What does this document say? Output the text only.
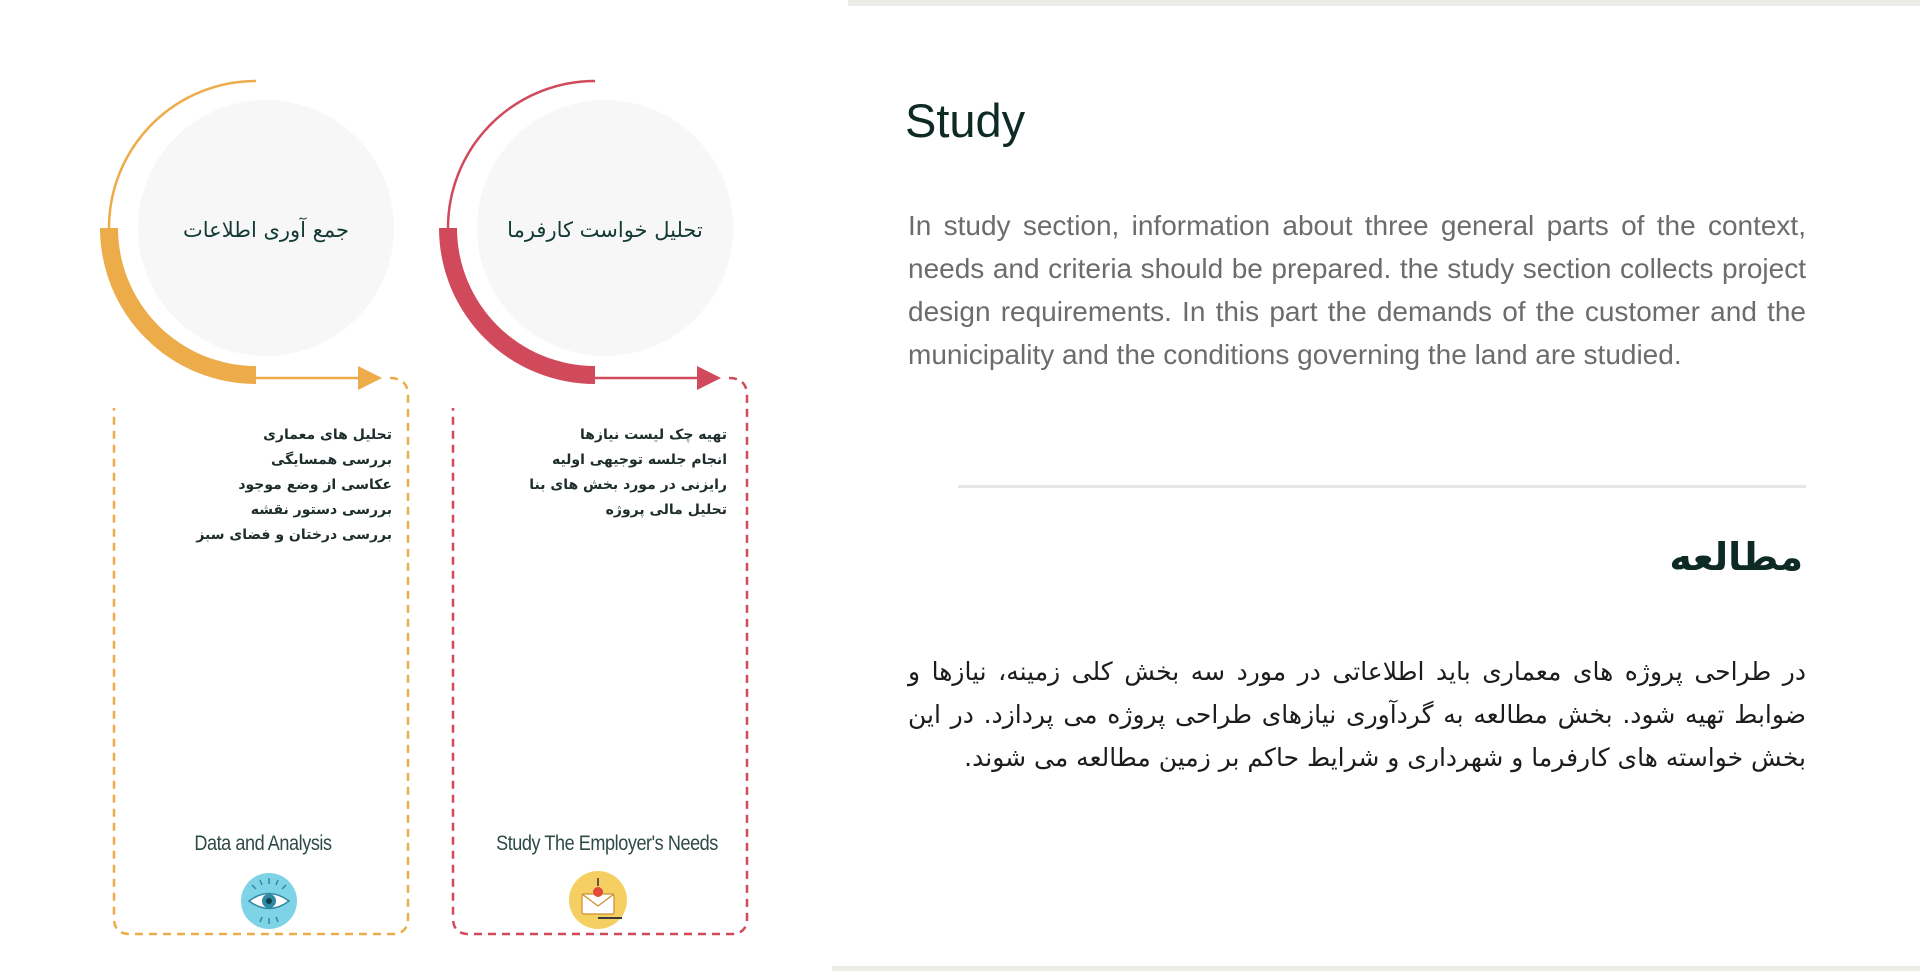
جمع آوری اطلاعات
تحلیل های معماری
بررسی همسایگی
عکاسی از وضع موجود
بررسی دستور نقشه
بررسی درختان و فضای سبز
Data and Analysis
تحلیل خواست کارفرما
تهیه چک لیست نیازها
انجام جلسه توجیهی اولیه
رایزنی در مورد بخش های بنا
تحلیل مالی پروژه
Study The Employer's Needs
Study

In study section, information about three general parts of the context, needs and criteria should be prepared. the study section collects project design requirements. In this part the demands of the customer and the municipality and the conditions governing the land are studied.

مطالعه

در طراحی پروژه های معماری باید اطلاعاتی در مورد سه بخش کلی زمینه، نیازها و ضوابط تهیه شود. بخش مطالعه به گردآوری نیازهای طراحی پروژه می پردازد. در این بخش خواسته های کارفرما و شهرداری و شرایط حاکم بر زمین مطالعه می شوند.
